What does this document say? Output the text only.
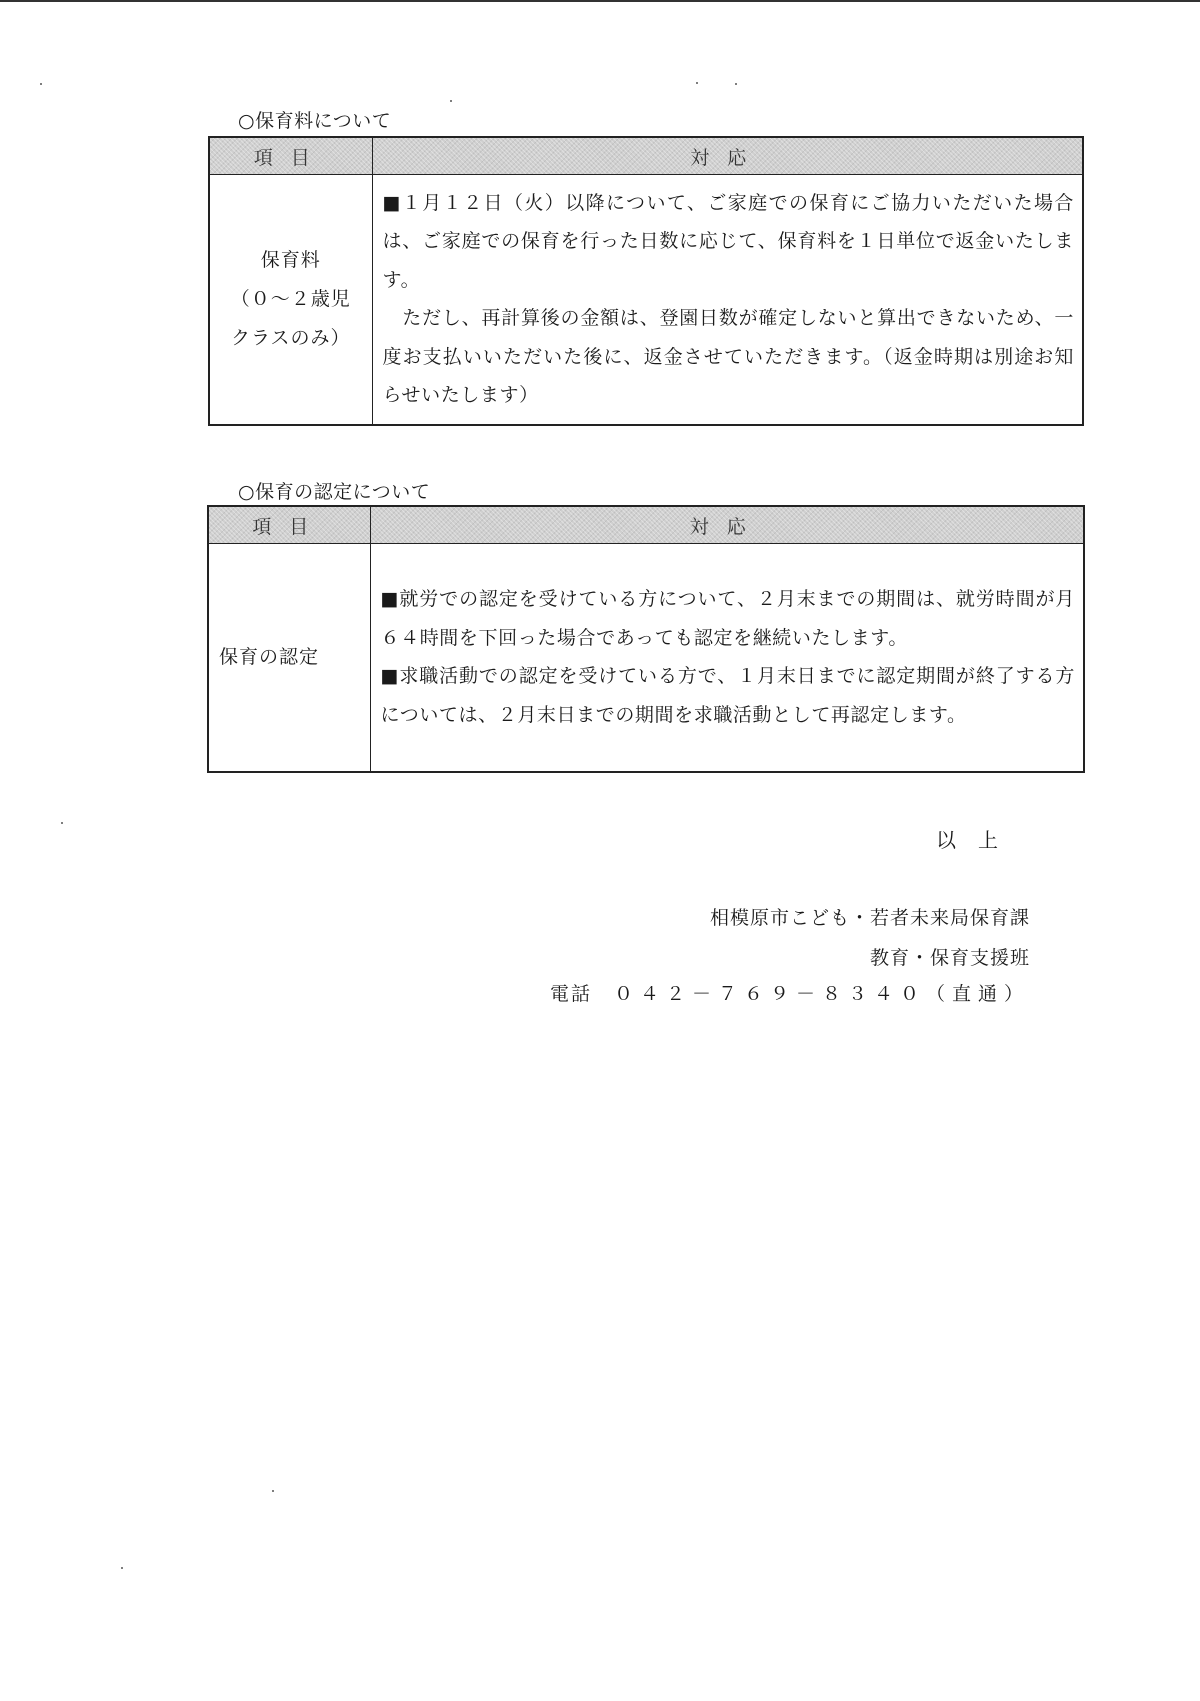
○保育料について
項目	対応

保育料
（０～２歳児
クラスのみ）	■１月１２日（火）以降について、ご家庭での保育にご協力いただいた場合は、ご家庭での保育を行った日数に応じて、保育料を１日単位で返金いたします。
　ただし、再計算後の金額は、登園日数が確定しないと算出できないため、一度お支払いいただいた後に、返金させていただきます。（返金時期は別途お知らせいたします）
○保育の認定について
項目	対応
保育の認定	■就労での認定を受けている方について、２月末までの期間は、就労時間が月６４時間を下回った場合であっても認定を継続いたします。
■求職活動での認定を受けている方で、１月末日までに認定期間が終了する方については、２月末日までの期間を求職活動として再認定します。
以上
相模原市こども・若者未来局保育課
教育・保育支援班
電話 ０４２－７６９－８３４０（直通）
